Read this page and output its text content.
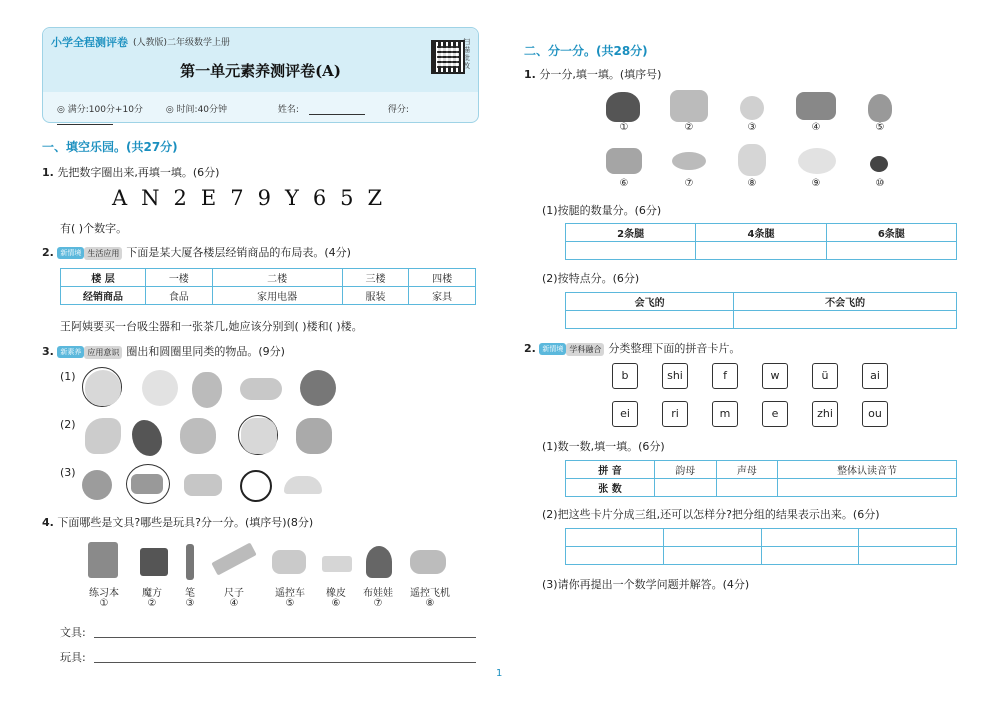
小学全程测评卷 (人教版)二年级数学上册
第一单元素养测评卷(A)
扫描批改
◎ 满分:100分+10分	◎ 时间:40分钟	姓名:	得分:
一、填空乐园。(共27分)
1. 先把数字圈出来,再填一填。(6分)
AN2E79Y65Z
有( )个数字。
2. 新情境 生活应用 下面是某大厦各楼层经销商品的布局表。(4分)
楼 层	一楼	二楼	三楼	四楼
经销商品	食品	家用电器	服装	家具
王阿姨要买一台吸尘器和一张茶几,她应该分别到( )楼和( )楼。
3. 新素养 应用意识 圈出和圆圈里同类的物品。(9分)
(1)
(2)
(3)
4. 下面哪些是文具?哪些是玩具?分一分。(填序号)(8分)
练习本	魔方	笔	尺子	遥控车	橡皮	布娃娃	遥控飞机
①	②	③	④	⑤	⑥	⑦	⑧
文具:
玩具:
1
二、分一分。(共28分)
1. 分一分,填一填。(填序号)
①	②	③	④	⑤
⑥	⑦	⑧	⑨	⑩
(1)按腿的数量分。(6分)
2条腿	4条腿	6条腿

(2)按特点分。(6分)
会飞的	不会飞的

2. 新情境 学科融合 分类整理下面的拼音卡片。
b	shi	f	w	ü	ai
ei	ri	m	e	zhi	ou
(1)数一数,填一填。(6分)
拼 音	韵母	声母	整体认读音节
张 数			
(2)把这些卡片分成三组,还可以怎样分?把分组的结果表示出来。(6分)

(3)请你再提出一个数学问题并解答。(4分)
